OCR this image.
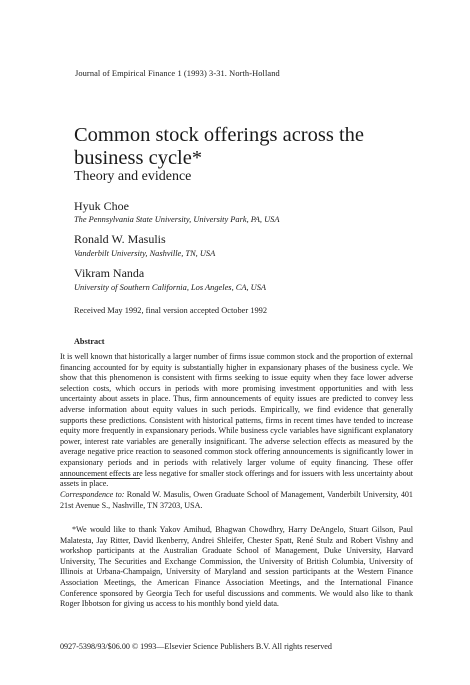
Journal of Empirical Finance 1 (1993) 3-31. North-Holland
Common stock offerings across the business cycle*
Theory and evidence
Hyuk Choe
The Pennsylvania State University, University Park, PA, USA
Ronald W. Masulis
Vanderbilt University, Nashville, TN, USA
Vikram Nanda
University of Southern California, Los Angeles, CA, USA
Received May 1992, final version accepted October 1992
Abstract

It is well known that historically a larger number of firms issue common stock and the proportion of external financing accounted for by equity is substantially higher in expansionary phases of the business cycle. We show that this phenomenon is consistent with firms seeking to issue equity when they face lower adverse selection costs, which occurs in periods with more promising investment opportunities and with less uncertainty about assets in place. Thus, firm announcements of equity issues are predicted to convey less adverse information about equity values in such periods. Empirically, we find evidence that generally supports these predictions. Consistent with historical patterns, firms in recent times have tended to increase equity more frequently in expansionary periods. While business cycle variables have significant explanatory power, interest rate variables are generally insignificant. The adverse selection effects as measured by the average negative price reaction to seasoned common stock offering announcements is significantly lower in expansionary periods and in periods with relatively larger volume of equity financing. These offer announcement effects are less negative for smaller stock offerings and for issuers with less uncertainty about assets in place.

Correspondence to: Ronald W. Masulis, Owen Graduate School of Management, Vanderbilt University, 401 21st Avenue S., Nashville, TN 37203, USA.

*We would like to thank Yakov Amihud, Bhagwan Chowdhry, Harry DeAngelo, Stuart Gilson, Paul Malatesta, Jay Ritter, David Ikenberry, Andrei Shleifer, Chester Spatt, René Stulz and Robert Vishny and workshop participants at the Australian Graduate School of Management, Duke University, Harvard University, The Securities and Exchange Commission, the University of British Columbia, University of Illinois at Urbana-Champaign, University of Maryland and session participants at the Western Finance Association Meetings, the American Finance Association Meetings, and the International Finance Conference sponsored by Georgia Tech for useful discussions and comments. We would also like to thank Roger Ibbotson for giving us access to his monthly bond yield data.

0927-5398/93/$06.00 © 1993—Elsevier Science Publishers B.V. All rights reserved
